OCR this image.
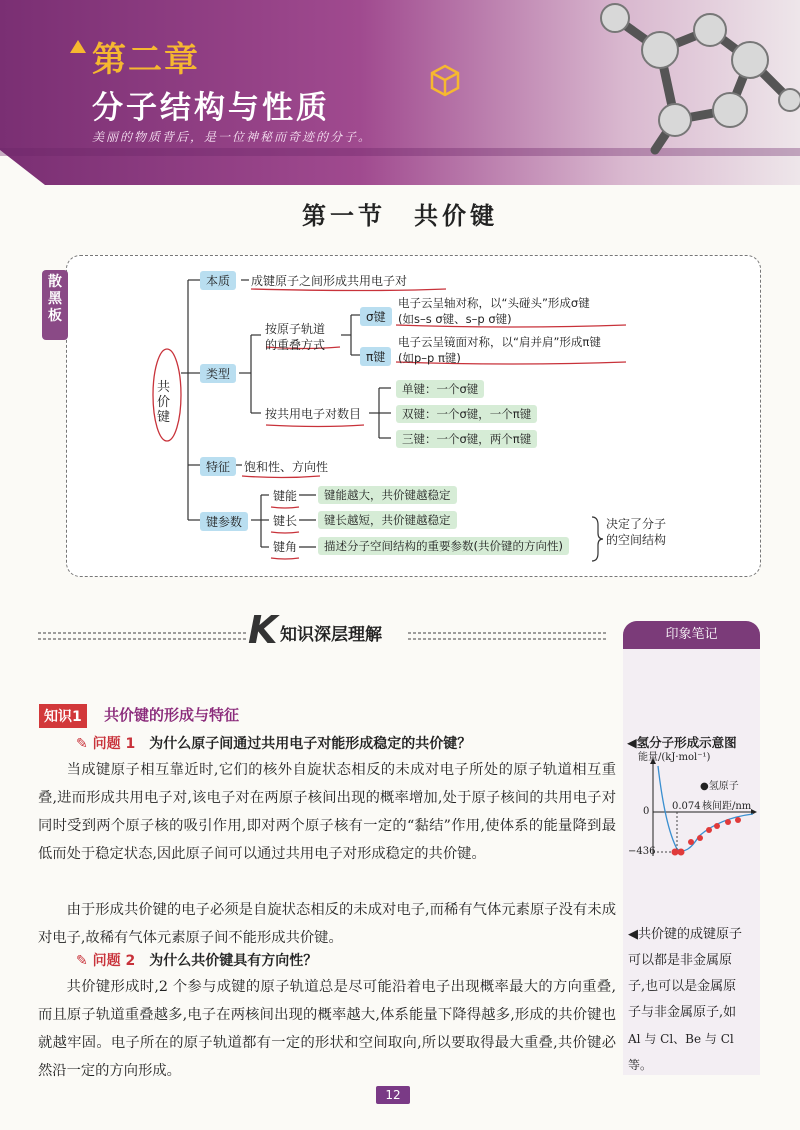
第二章
分子结构与性质
美丽的物质背后，是一位神秘而奇迹的分子。
第一节　共价键
散
黑
板
共
价
键
本质	成键原子之间形成共用电子对
类型
按原子轨道
的重叠方式
σ键
电子云呈轴对称，以“头碰头”形成σ键
(如s–s σ键、s–p σ键)
π键
电子云呈镜面对称，以“肩并肩”形成π键
(如p–p π键)
按共用电子对数目
单键：一个σ键
双键：一个σ键，一个π键
三键：一个σ键，两个π键
特征	饱和性、方向性
键参数
键能	键能越大，共价键越稳定
键长	键长越短，共价键越稳定
键角	描述分子空间结构的重要参数(共价键的方向性)
决定了分子
的空间结构
K 知识深层理解	印象笔记
◀氢分子形成示意图
能量/(kJ·mol⁻¹)
●氢原子
0.074 核间距/nm
0
−436
◀共价键的成键原子
可以都是非金属原
子,也可以是金属原
子与非金属原子,如
Al 与 Cl、Be 与 Cl 等。
知识1	共价键的形成与特征
✎ 问题 1　 为什么原子间通过共用电子对能形成稳定的共价键？
当成键原子相互靠近时,它们的核外自旋状态相反的未成对电子所处的原子轨道相互重叠,进而形成共用电子对,该电子对在两原子核间出现的概率增加,处于原子核间的共用电子对同时受到两个原子核的吸引作用,即对两个原子核有一定的“黏结”作用,使体系的能量降到最低而处于稳定状态,因此原子间可以通过共用电子对形成稳定的共价键。
由于形成共价键的电子必须是自旋状态相反的未成对电子,而稀有气体元素原子没有未成对电子,故稀有气体元素原子间不能形成共价键。
✎ 问题 2　 为什么共价键具有方向性？
共价键形成时,2 个参与成键的原子轨道总是尽可能沿着电子出现概率最大的方向重叠,而且原子轨道重叠越多,电子在两核间出现的概率越大,体系能量下降得越多,形成的共价键也就越牢固。电子所在的原子轨道都有一定的形状和空间取向,所以要取得最大重叠,共价键必然沿一定的方向形成。
12
